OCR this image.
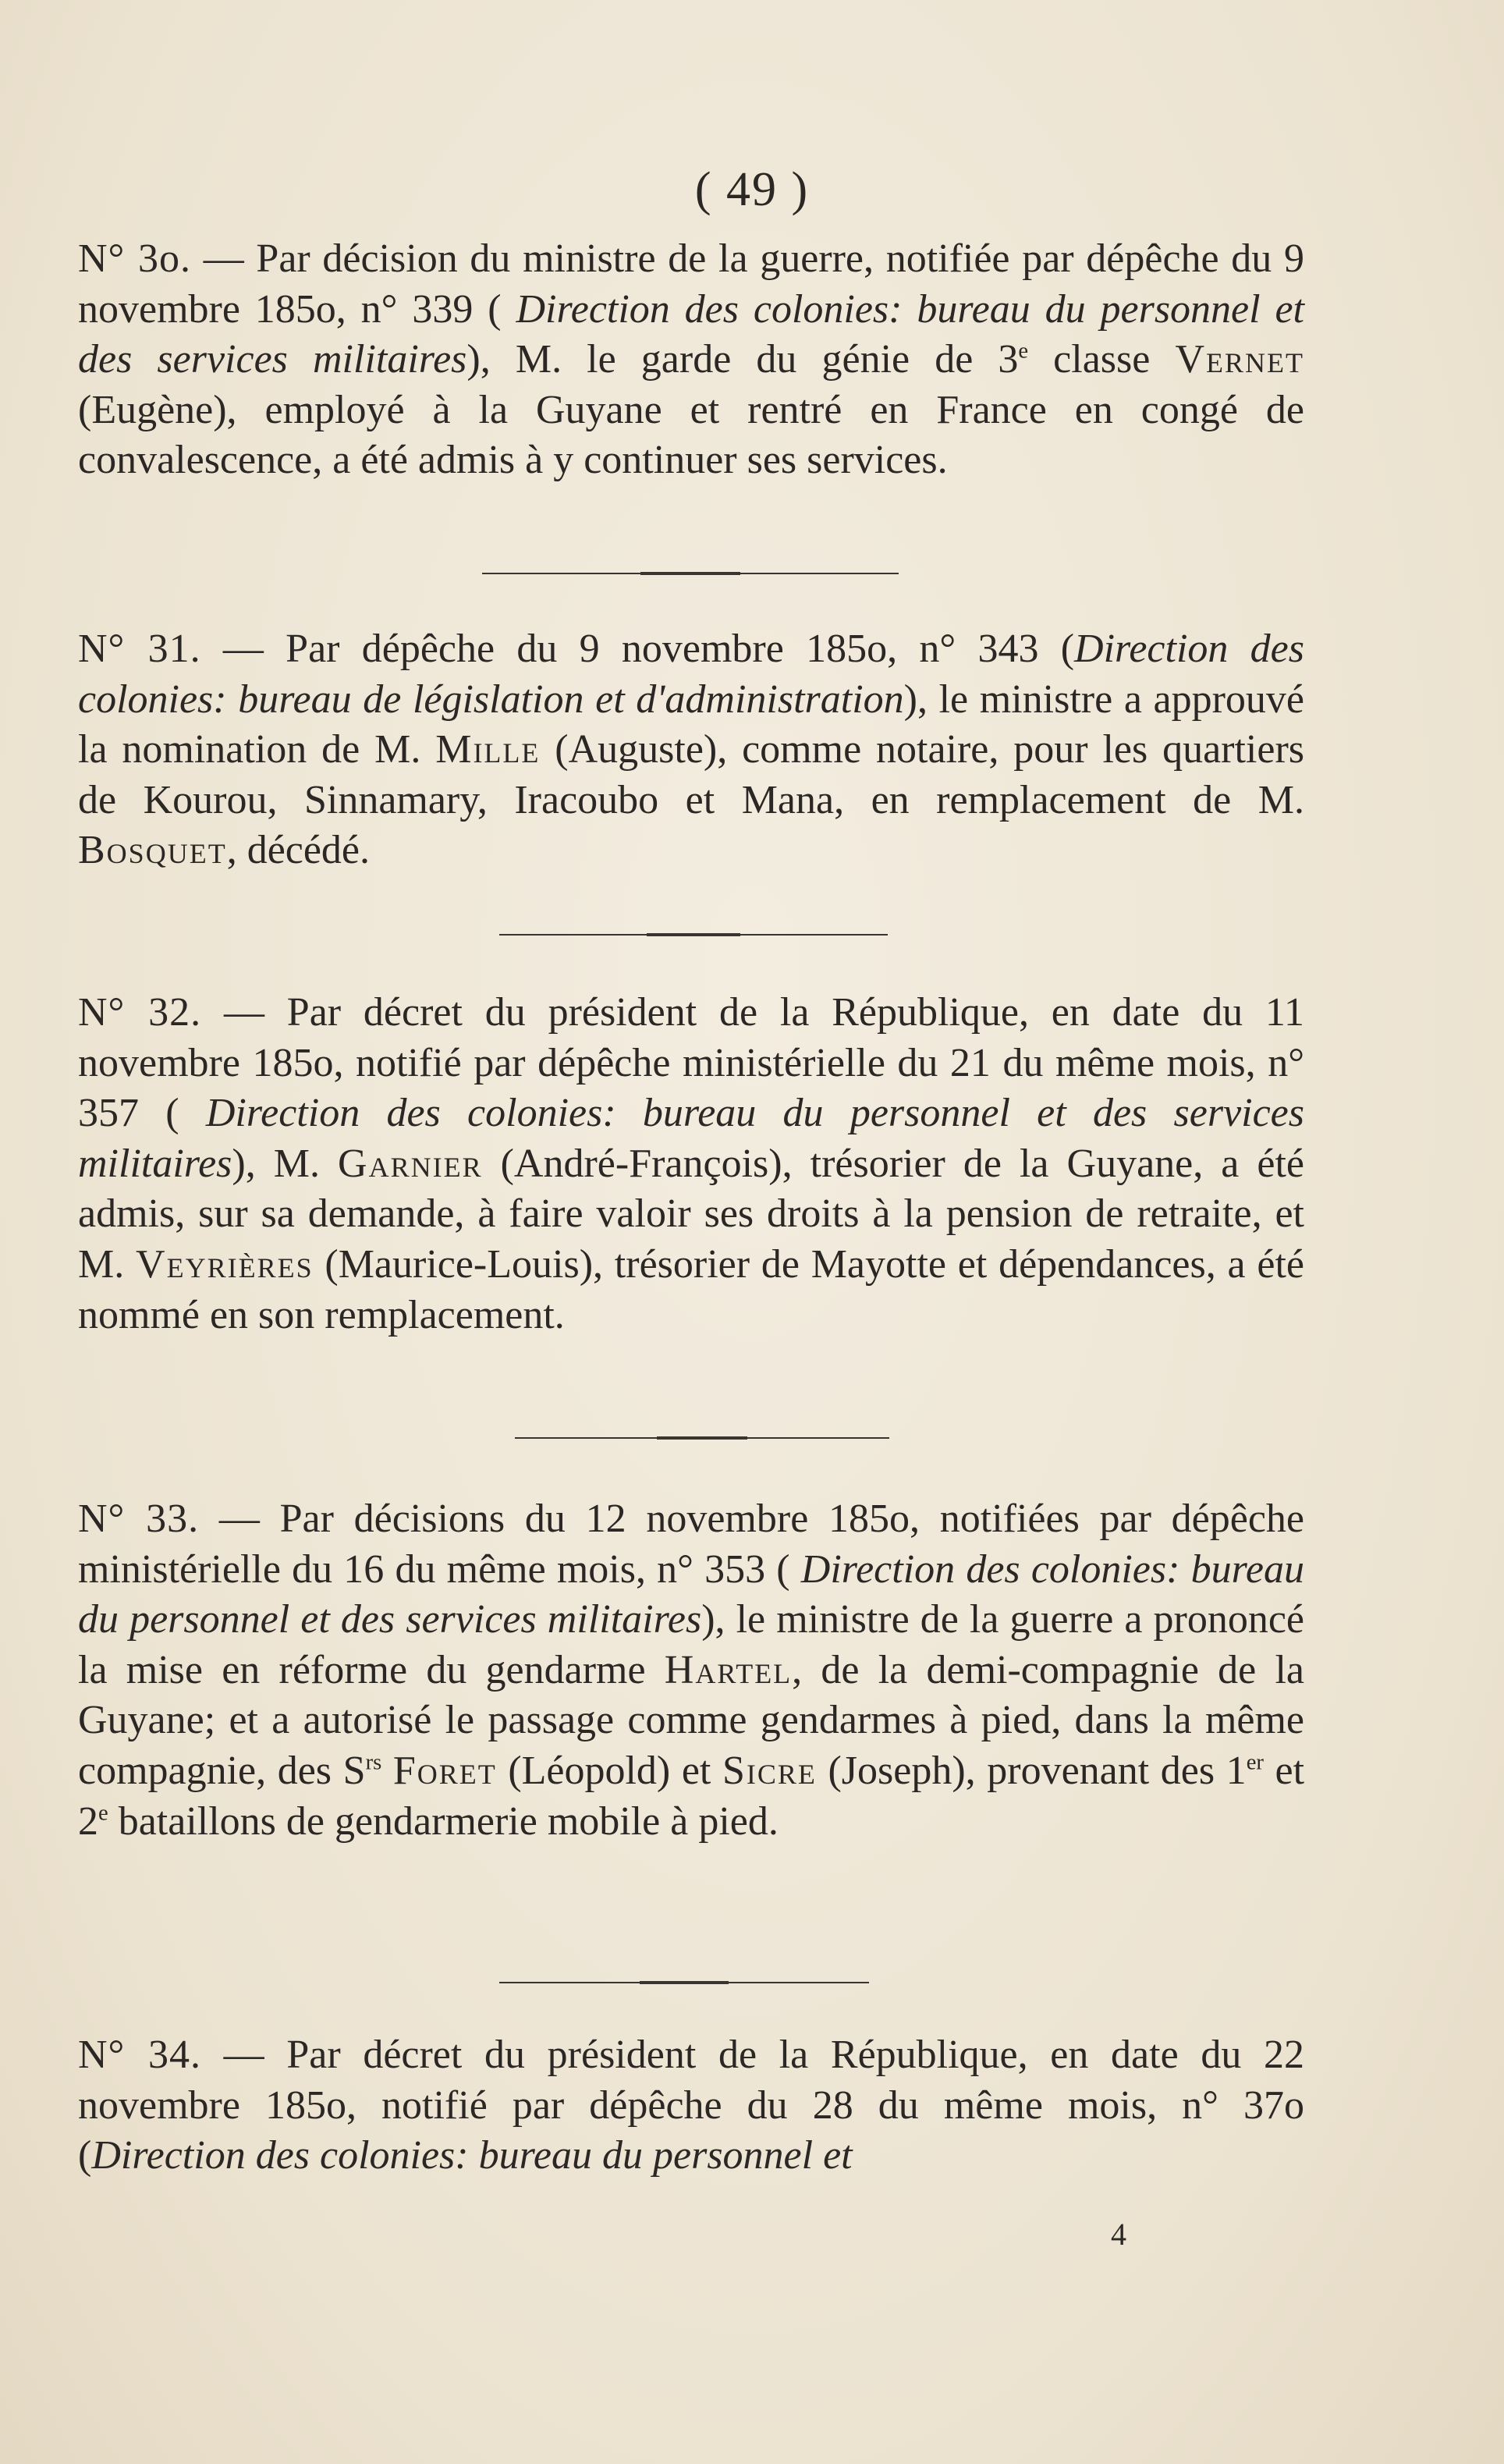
( 49 )

N° 3o. — Par décision du ministre de la guerre, notifiée par dépêche du 9 novembre 185o, n° 339 ( Direction des colonies: bureau du personnel et des services militaires), M. le garde du génie de 3e classe Vernet (Eugène), employé à la Guyane et rentré en France en congé de convalescence, a été admis à y continuer ses services.

N° 31. — Par dépêche du 9 novembre 185o, n° 343 (Direction des colonies: bureau de législation et d'administration), le ministre a approuvé la nomination de M. Mille (Auguste), comme notaire, pour les quartiers de Kourou, Sinnamary, Iracoubo et Mana, en remplacement de M. Bosquet, décédé.

N° 32. — Par décret du président de la République, en date du 11 novembre 185o, notifié par dépêche ministérielle du 21 du même mois, n° 357 ( Direction des colonies: bureau du personnel et des services militaires), M. Garnier (André-François), trésorier de la Guyane, a été admis, sur sa demande, à faire valoir ses droits à la pension de retraite, et M. Veyrières (Maurice-Louis), trésorier de Mayotte et dépendances, a été nommé en son remplacement.

N° 33. — Par décisions du 12 novembre 185o, notifiées par dépêche ministérielle du 16 du même mois, n° 353 ( Direction des colonies: bureau du personnel et des services militaires), le ministre de la guerre a prononcé la mise en réforme du gendarme Hartel, de la demi-compagnie de la Guyane; et a autorisé le passage comme gendarmes à pied, dans la même compagnie, des $S^{rs}$ Foret (Léopold) et Sicre (Joseph), provenant des 1er et 2e bataillons de gendarmerie mobile à pied.

N° 34. — Par décret du président de la République, en date du 22 novembre 185o, notifié par dépêche du 28 du même mois, n° 37o (Direction des colonies: bureau du personnel et

4
